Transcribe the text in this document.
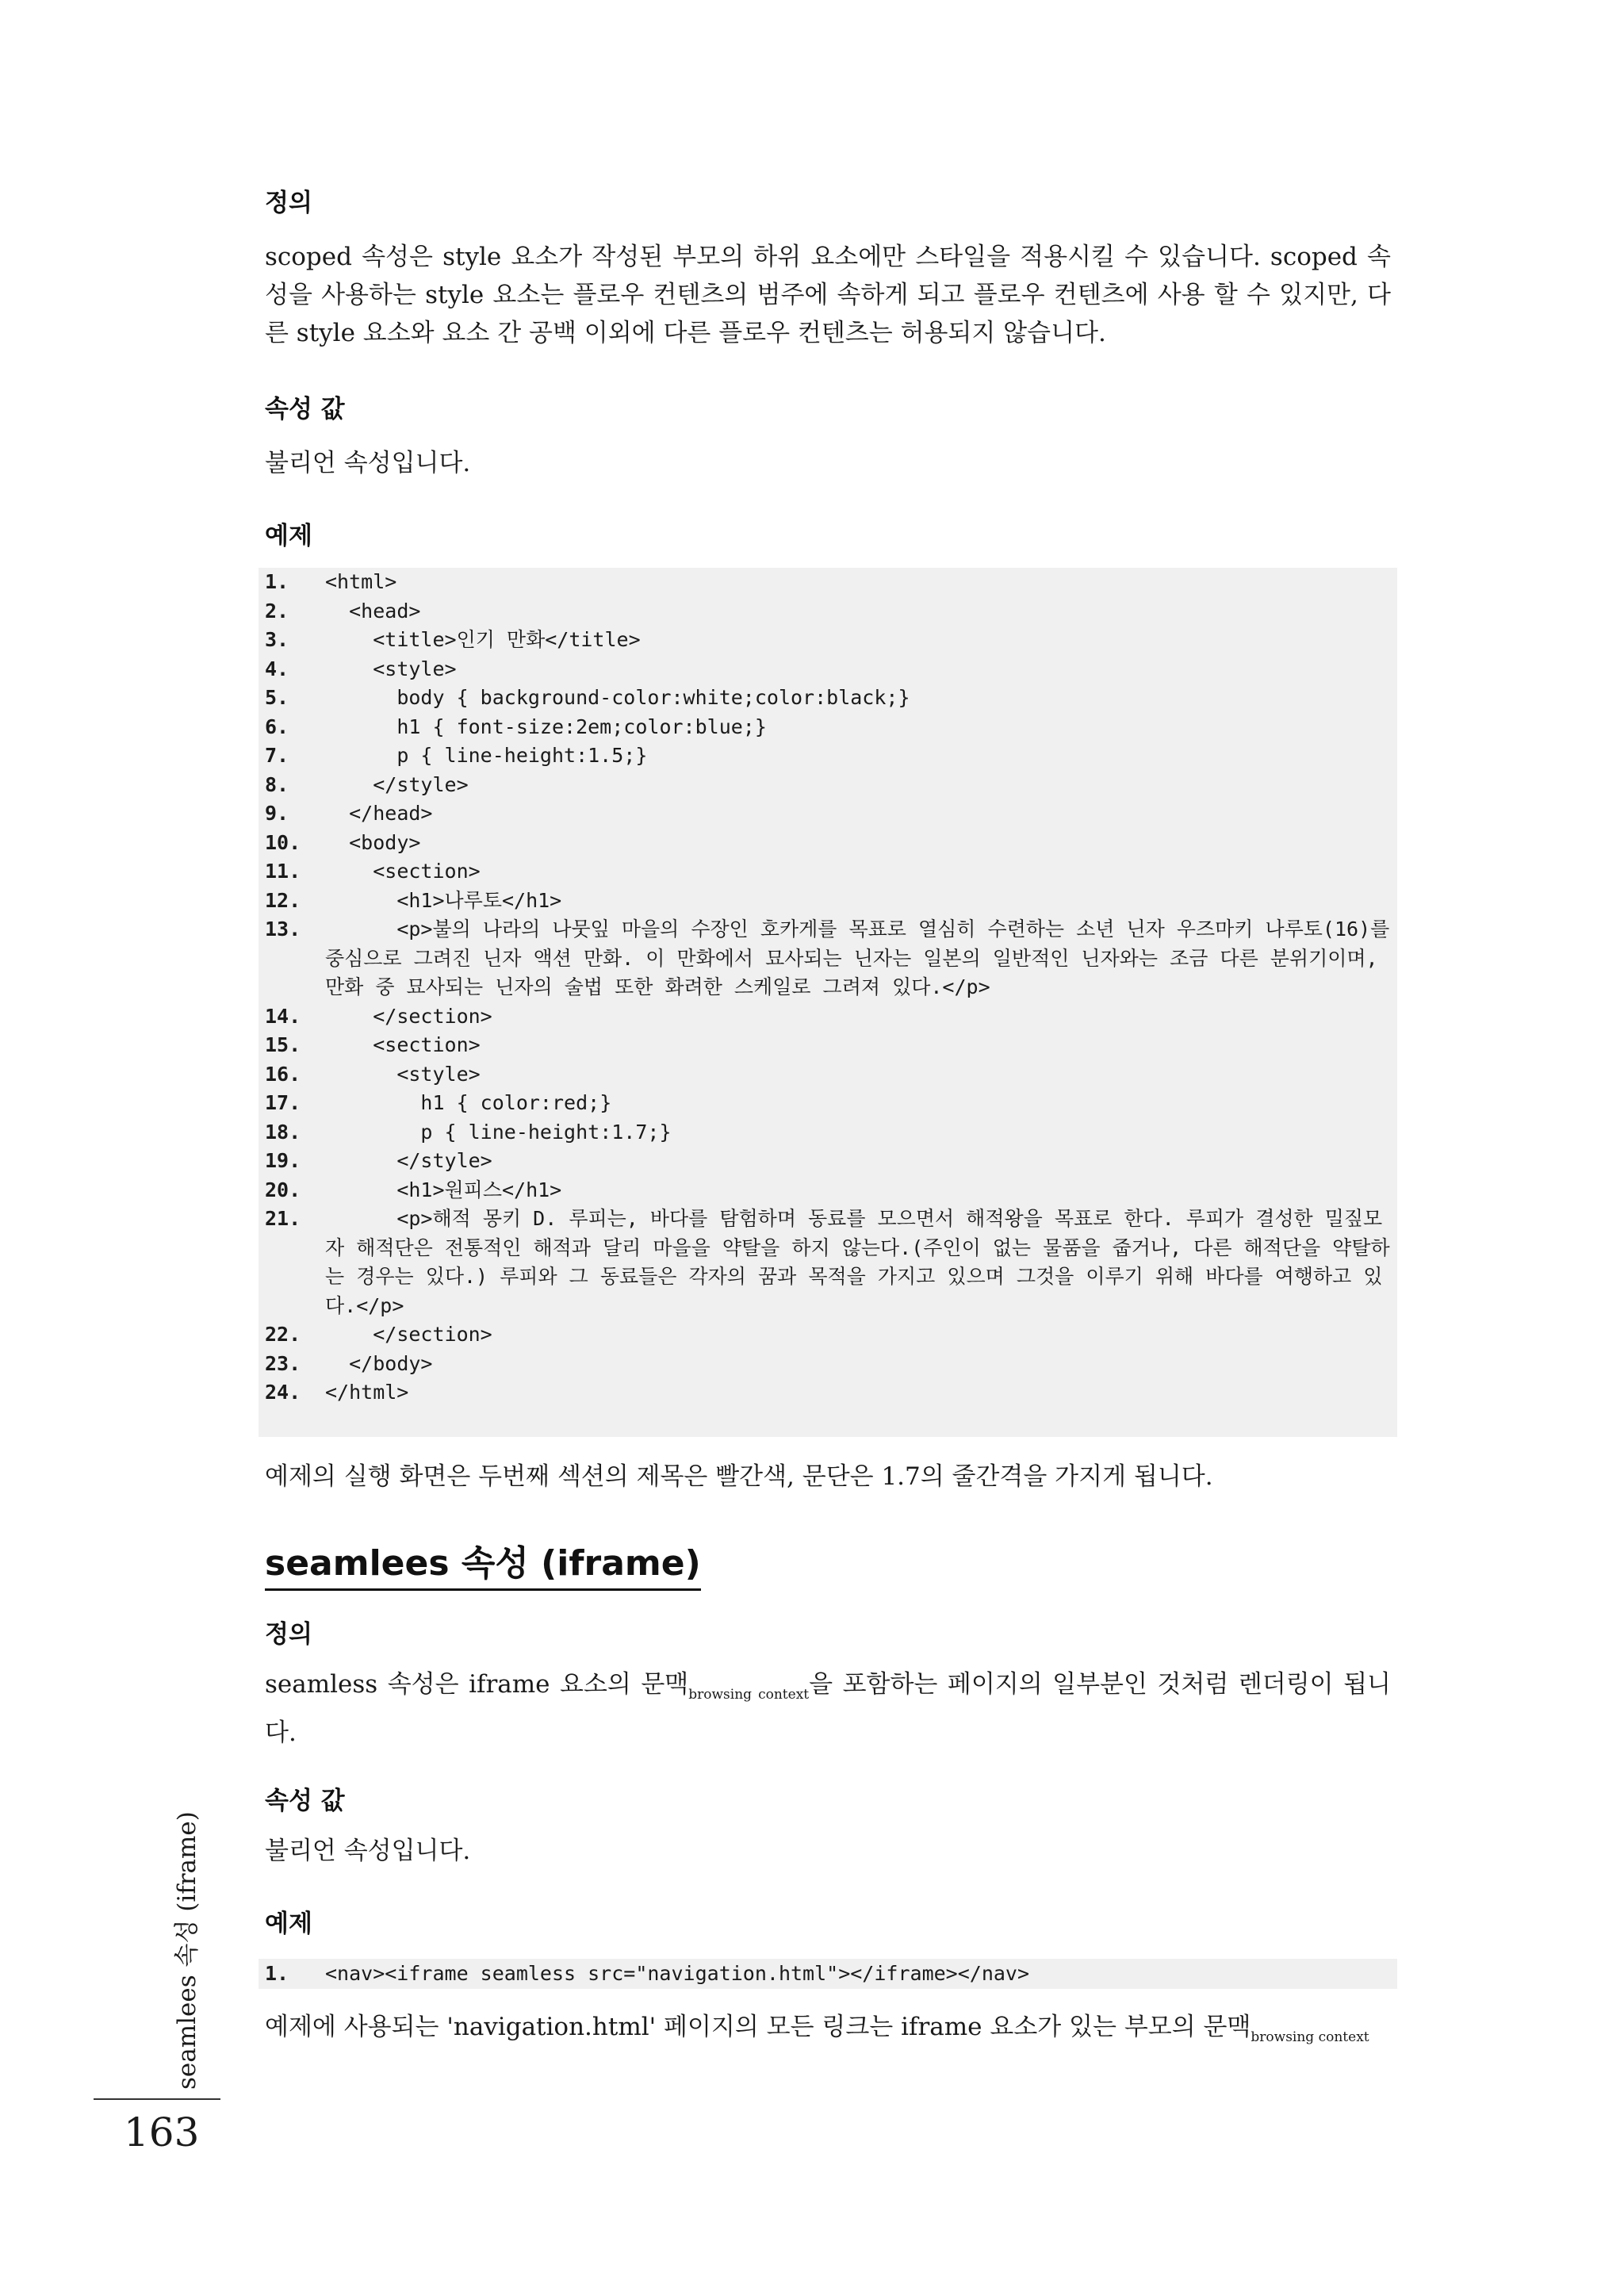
정의
scoped 속성은 style 요소가 작성된 부모의 하위 요소에만 스타일을 적용시킬 수 있습니다. scoped 속성을 사용하는 style 요소는 플로우 컨텐츠의 범주에 속하게 되고 플로우 컨텐츠에 사용 할 수 있지만, 다른 style 요소와 요소 간 공백 이외에 다른 플로우 컨텐츠는 허용되지 않습니다.
속성 값
불리언 속성입니다.
예제
1.	<html>
2.	<head>
3.	<title>인기 만화</title>
4.	<style>
5.	body { background-color:white;color:black;}
6.	h1 { font-size:2em;color:blue;}
7.	p { line-height:1.5;}
8.	</style>
9.	</head>
10.	<body>
11.	<section>
12.	<h1>나루토</h1>
13.	<p>불의 나라의 나뭇잎 마을의 수장인 호카게를 목표로 열심히 수련하는 소년 닌자 우즈마키 나루토(16)를 중심으로 그려진 닌자 액션 만화. 이 만화에서 묘사되는 닌자는 일본의 일반적인 닌자와는 조금 다른 분위기이며, 만화 중 묘사되는 닌자의 술법 또한 화려한 스케일로 그려져 있다.</p>
14.	</section>
15.	<section>
16.	<style>
17.	h1 { color:red;}
18.	p { line-height:1.7;}
19.	</style>
20.	<h1>원피스</h1>
21.	<p>해적 몽키 D. 루피는, 바다를 탐험하며 동료를 모으면서 해적왕을 목표로 한다. 루피가 결성한 밀짚모자 해적단은 전통적인 해적과 달리 마을을 약탈을 하지 않는다.(주인이 없는 물품을 줍거나, 다른 해적단을 약탈하는 경우는 있다.) 루피와 그 동료들은 각자의 꿈과 목적을 가지고 있으며 그것을 이루기 위해 바다를 여행하고 있다.</p>
22.	</section>
23.	</body>
24.	</html>
예제의 실행 화면은 두번째 섹션의 제목은 빨간색, 문단은 1.7의 줄간격을 가지게 됩니다.
seamlees 속성 (iframe)
정의
seamless 속성은 iframe 요소의 문맥$_{browsing context}$을 포함하는 페이지의 일부분인 것처럼 렌더링이 됩니다.
속성 값
불리언 속성입니다.
예제
1.	<nav><iframe seamless src="navigation.html"></iframe></nav>
예제에 사용되는 'navigation.html' 페이지의 모든 링크는 iframe 요소가 있는 부모의 문맥$_{browsing context}$
seamlees 속성 (iframe)
163
